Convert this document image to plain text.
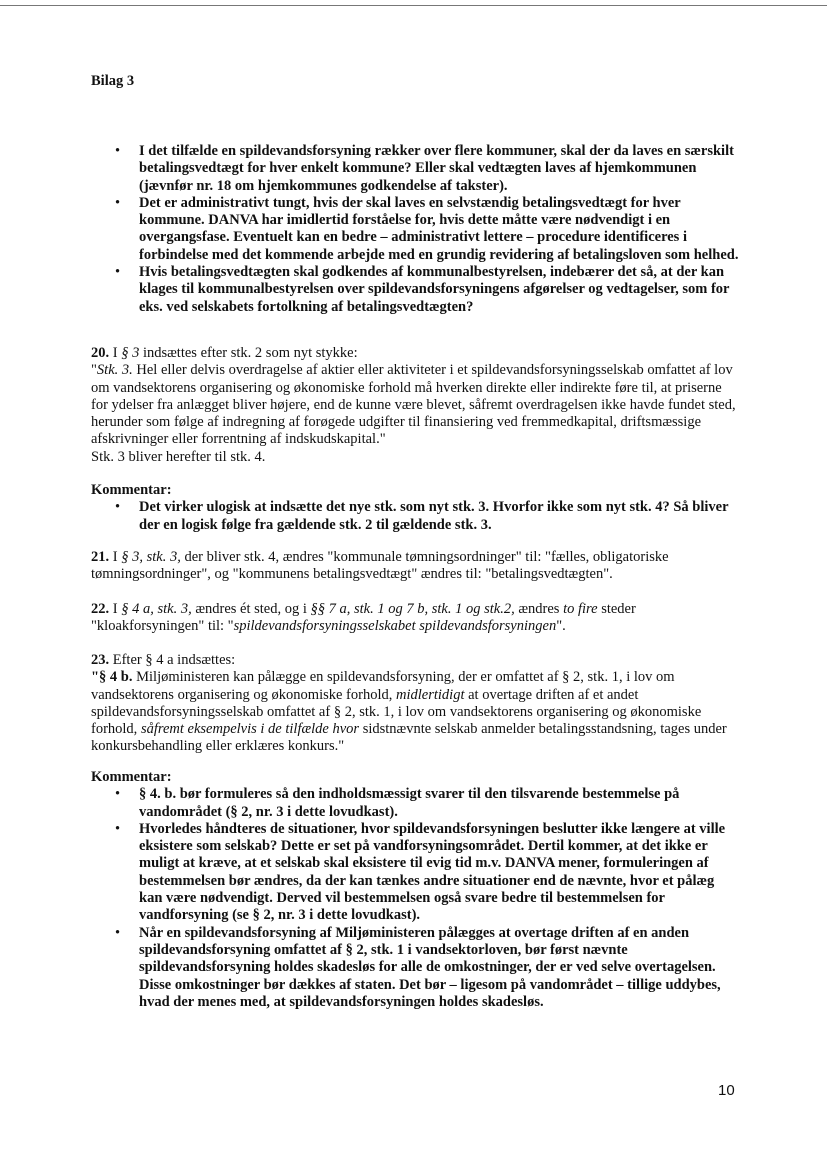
Bilag 3
• I det tilfælde en spildevandsforsyning rækker over flere kommuner, skal der da laves en særskilt betalingsvedtægt for hver enkelt kommune? Eller skal vedtægten laves af hjemkommunen (jævnfør nr. 18 om hjemkommunes godkendelse af takster).
• Det er administrativt tungt, hvis der skal laves en selvstændig betalingsvedtægt for hver kommune. DANVA har imidlertid forståelse for, hvis dette måtte være nødvendigt i en overgangsfase. Eventuelt kan en bedre – administrativt lettere – procedure identificeres i forbindelse med det kommende arbejde med en grundig revidering af betalingsloven som helhed.
• Hvis betalingsvedtægten skal godkendes af kommunalbestyrelsen, indebærer det så, at der kan klages til kommunalbestyrelsen over spildevandsforsyningens afgørelser og vedtagelser, som for eks. ved selskabets fortolkning af betalingsvedtægten?

20. I § 3 indsættes efter stk. 2 som nyt stykke:

"Stk. 3. Hel eller delvis overdragelse af aktier eller aktiviteter i et spildevandsforsyningsselskab omfattet af lov om vandsektorens organisering og økonomiske forhold må hverken direkte eller indirekte føre til, at priserne for ydelser fra anlægget bliver højere, end de kunne være blevet, såfremt overdragelsen ikke havde fundet sted, herunder som følge af indregning af forøgede udgifter til finansiering ved fremmedkapital, driftsmæssige afskrivninger eller forrentning af indskudskapital."

Stk. 3 bliver herefter til stk. 4.

Kommentar:

• Det virker ulogisk at indsætte det nye stk. som nyt stk. 3. Hvorfor ikke som nyt stk. 4? Så bliver der en logisk følge fra gældende stk. 2 til gældende stk. 3.

21. I § 3, stk. 3, der bliver stk. 4, ændres "kommunale tømningsordninger" til: "fælles, obligatoriske tømningsordninger", og "kommunens betalingsvedtægt" ændres til: "betalingsvedtægten".

22. I § 4 a, stk. 3, ændres ét sted, og i §§ 7 a, stk. 1 og 7 b, stk. 1 og stk.2, ændres to fire steder "kloakforsyningen" til: "spildevandsforsyningsselskabet spildevandsforsyningen".

23. Efter § 4 a indsættes:

"§ 4 b. Miljøministeren kan pålægge en spildevandsforsyning, der er omfattet af § 2, stk. 1, i lov om vandsektorens organisering og økonomiske forhold, midlertidigt at overtage driften af et andet spildevandsforsyningsselskab omfattet af § 2, stk. 1, i lov om vandsektorens organisering og økonomiske forhold, såfremt eksempelvis i de tilfælde hvor sidstnævnte selskab anmelder betalingsstandsning, tages under konkursbehandling eller erklæres konkurs."

Kommentar:

• § 4. b. bør formuleres så den indholdsmæssigt svarer til den tilsvarende bestemmelse på vandområdet (§ 2, nr. 3 i dette lovudkast).
• Hvorledes håndteres de situationer, hvor spildevandsforsyningen beslutter ikke længere at ville eksistere som selskab? Dette er set på vandforsyningsområdet. Dertil kommer, at det ikke er muligt at kræve, at et selskab skal eksistere til evig tid m.v. DANVA mener, formuleringen af bestemmelsen bør ændres, da der kan tænkes andre situationer end de nævnte, hvor et pålæg kan være nødvendigt. Derved vil bestemmelsen også svare bedre til bestemmelsen for vandforsyning (se § 2, nr. 3 i dette lovudkast).
• Når en spildevandsforsyning af Miljøministeren pålægges at overtage driften af en anden spildevandsforsyning omfattet af § 2, stk. 1 i vandsektorloven, bør først nævnte spildevandsforsyning holdes skadesløs for alle de omkostninger, der er ved selve overtagelsen. Disse omkostninger bør dækkes af staten. Det bør – ligesom på vandområdet – tillige uddybes, hvad der menes med, at spildevandsforsyningen holdes skadesløs.
10
